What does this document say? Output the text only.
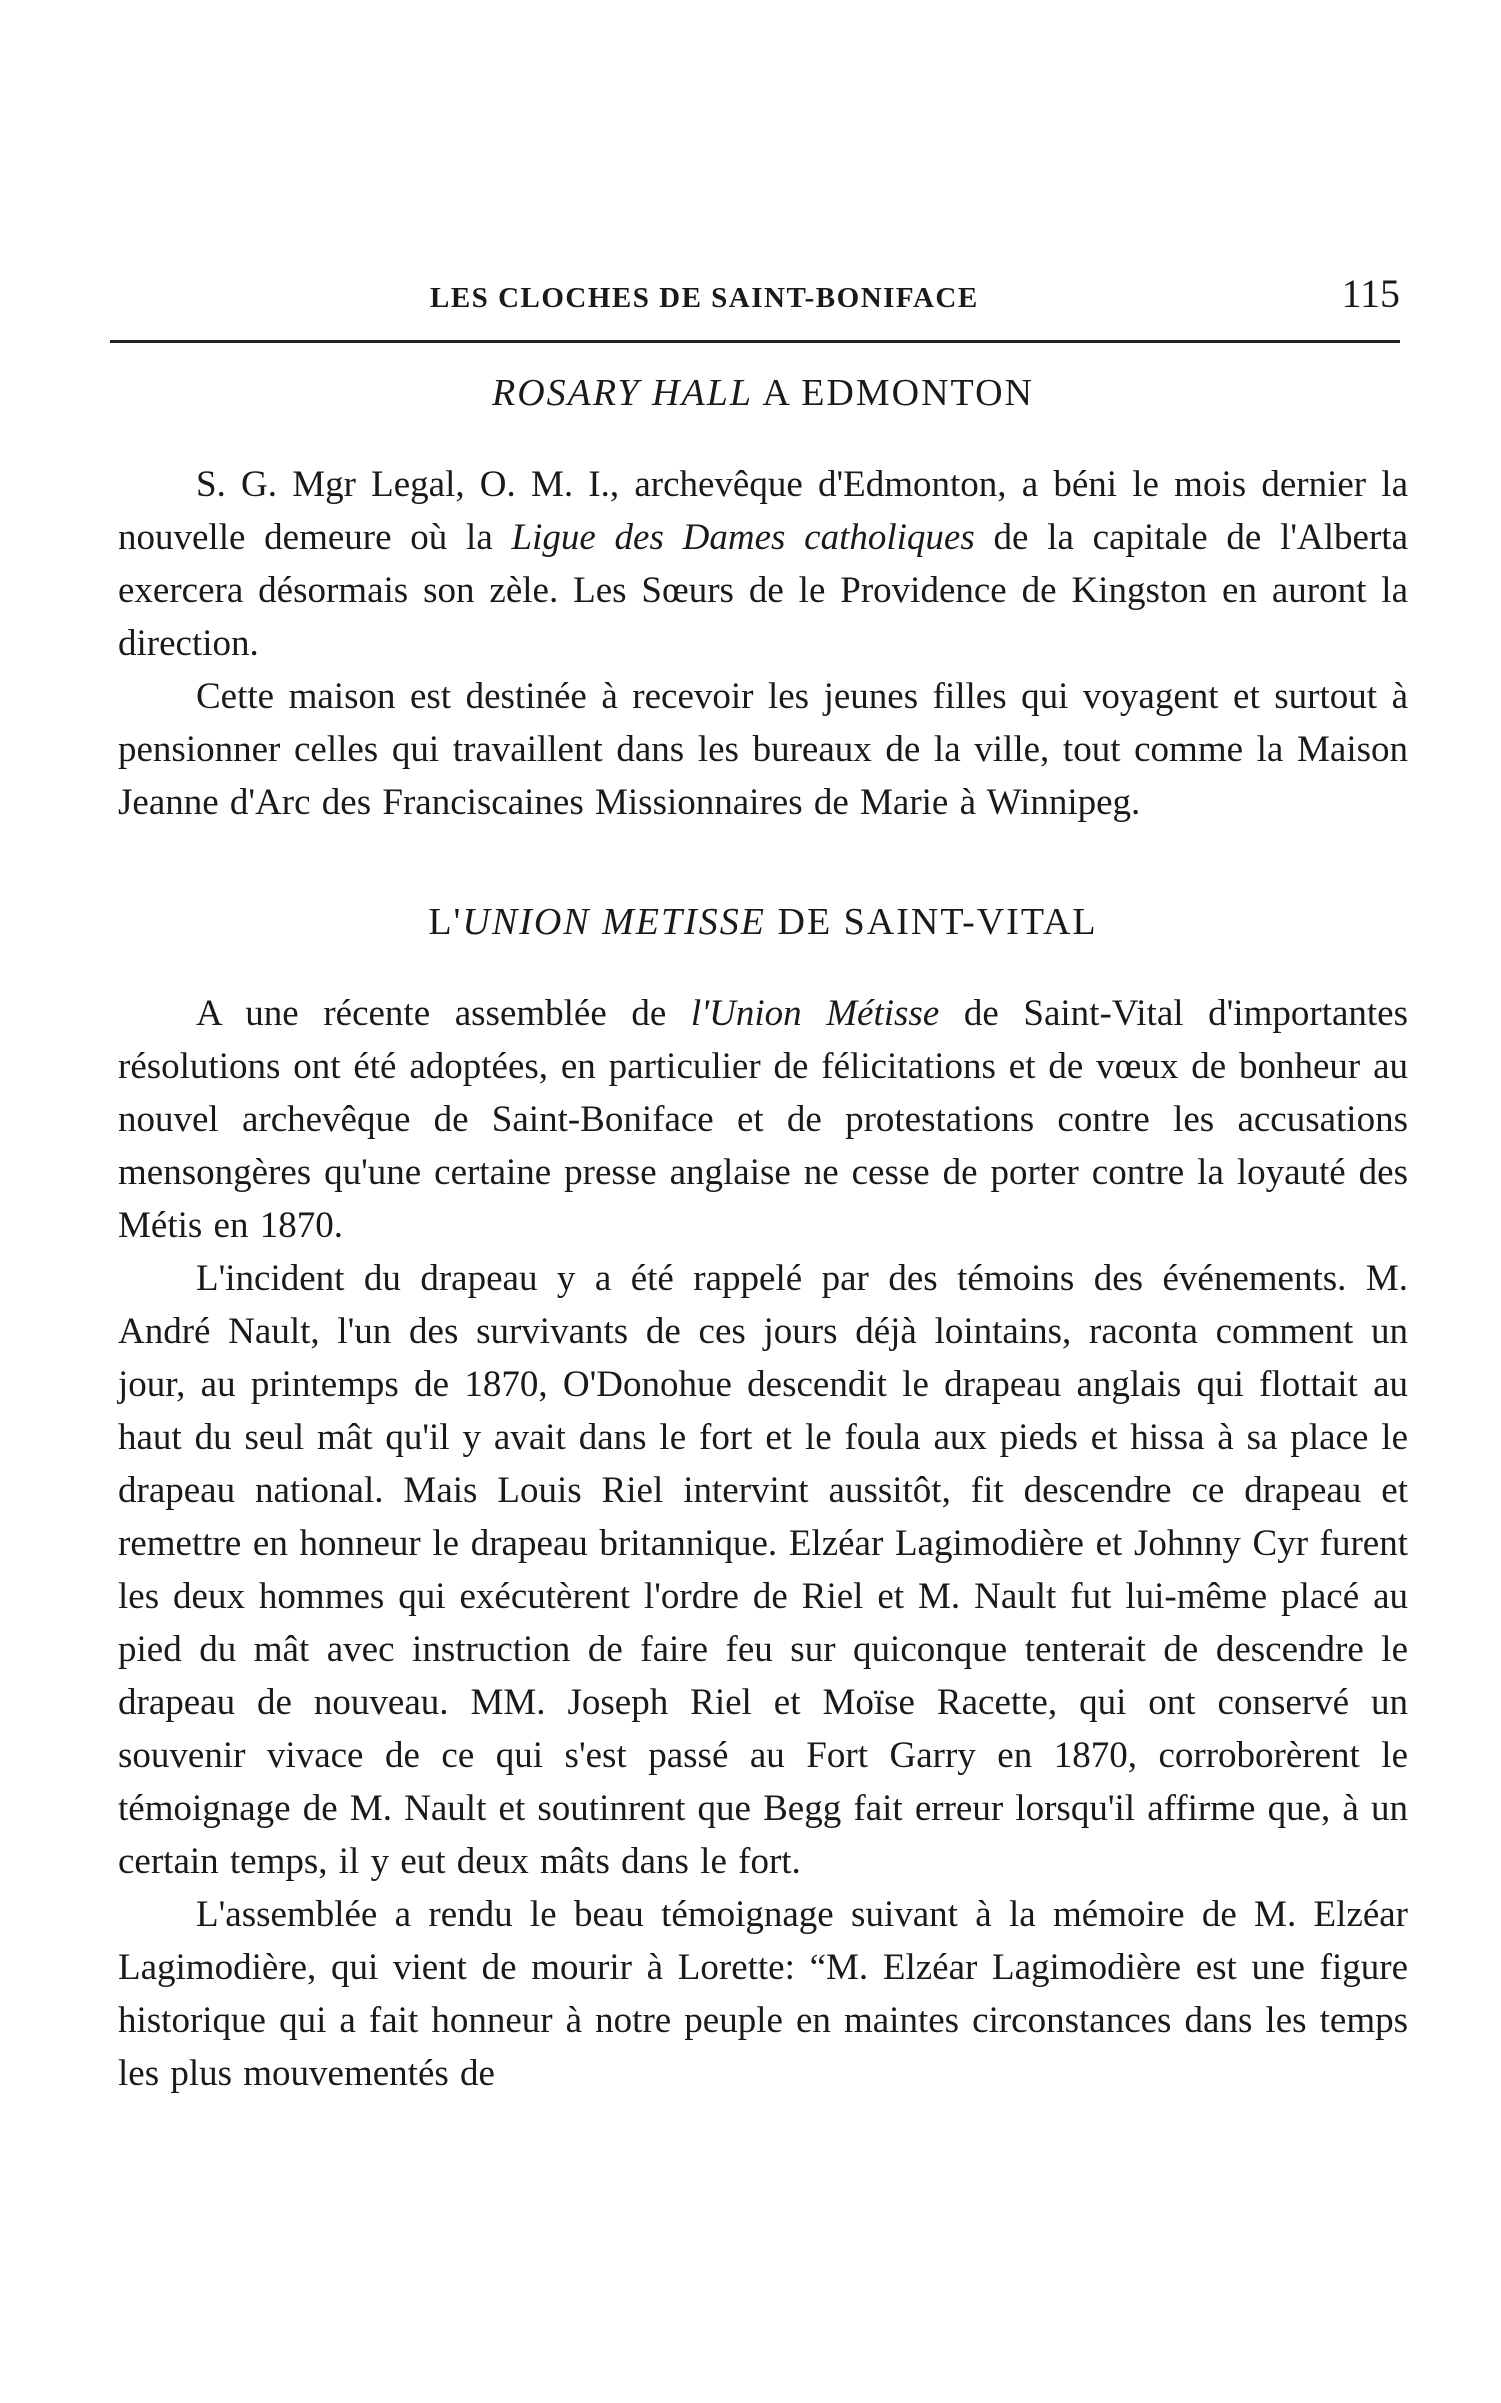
LES CLOCHES DE SAINT-BONIFACE	115
ROSARY HALL A EDMONTON

S. G. Mgr Legal, O. M. I., archevêque d'Edmonton, a béni le mois dernier la nouvelle demeure où la Ligue des Dames catholiques de la capitale de l'Alberta exercera désormais son zèle. Les Sœurs de le Providence de Kingston en auront la direction.

Cette maison est destinée à recevoir les jeunes filles qui voyagent et surtout à pensionner celles qui travaillent dans les bureaux de la ville, tout comme la Maison Jeanne d'Arc des Franciscaines Missionnaires de Marie à Winnipeg.

L'UNION METISSE DE SAINT-VITAL

A une récente assemblée de l'Union Métisse de Saint-Vital d'importantes résolutions ont été adoptées, en particulier de félicitations et de vœux de bonheur au nouvel archevêque de Saint-Boniface et de protestations contre les accusations mensongères qu'une certaine presse anglaise ne cesse de porter contre la loyauté des Métis en 1870.

L'incident du drapeau y a été rappelé par des témoins des événements. M. André Nault, l'un des survivants de ces jours déjà lointains, raconta comment un jour, au printemps de 1870, O'Donohue descendit le drapeau anglais qui flottait au haut du seul mât qu'il y avait dans le fort et le foula aux pieds et hissa à sa place le drapeau national. Mais Louis Riel intervint aussitôt, fit descendre ce drapeau et remettre en honneur le drapeau britannique. Elzéar Lagimodière et Johnny Cyr furent les deux hommes qui exécutèrent l'ordre de Riel et M. Nault fut lui-même placé au pied du mât avec instruction de faire feu sur quiconque tenterait de descendre le drapeau de nouveau. MM. Joseph Riel et Moïse Racette, qui ont conservé un souvenir vivace de ce qui s'est passé au Fort Garry en 1870, corroborèrent le témoignage de M. Nault et soutinrent que Begg fait erreur lorsqu'il affirme que, à un certain temps, il y eut deux mâts dans le fort.

L'assemblée a rendu le beau témoignage suivant à la mémoire de M. Elzéar Lagimodière, qui vient de mourir à Lorette: “M. Elzéar Lagimodière est une figure historique qui a fait honneur à notre peuple en maintes circonstances dans les temps les plus mouvementés de
